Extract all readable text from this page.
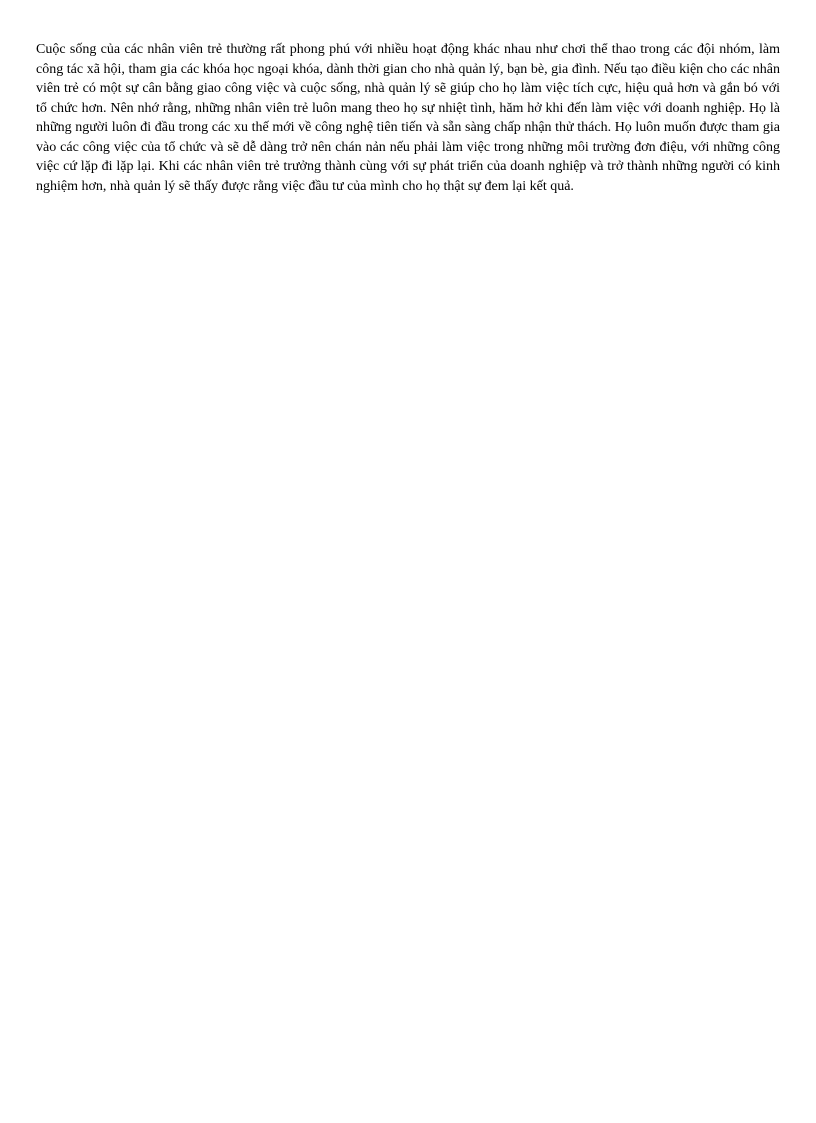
Cuộc sống của các nhân viên trẻ thường rất phong phú với nhiều hoạt động khác nhau như chơi thể thao trong các đội nhóm, làm công tác xã hội, tham gia các khóa học ngoại khóa, dành thời gian cho nhà quản lý, bạn bè, gia đình. Nếu tạo điều kiện cho các nhân viên trẻ có một sự cân bằng giao công việc và cuộc sống, nhà quản lý sẽ giúp cho họ làm việc tích cực, hiệu quả hơn và gắn bó với tổ chức hơn. Nên nhớ rằng, những nhân viên trẻ luôn mang theo họ sự nhiệt tình, hăm hở khi đến làm việc với doanh nghiệp. Họ là những người luôn đi đầu trong các xu thế mới về công nghệ tiên tiến và sẵn sàng chấp nhận thử thách. Họ luôn muốn được tham gia vào các công việc của tổ chức và sẽ dễ dàng trở nên chán nản nếu phải làm việc trong những môi trường đơn điệu, với những công việc cứ lặp đi lặp lại. Khi các nhân viên trẻ trưởng thành cùng với sự phát triển của doanh nghiệp và trở thành những người có kinh nghiệm hơn, nhà quản lý sẽ thấy được rằng việc đầu tư của mình cho họ thật sự đem lại kết quả.
